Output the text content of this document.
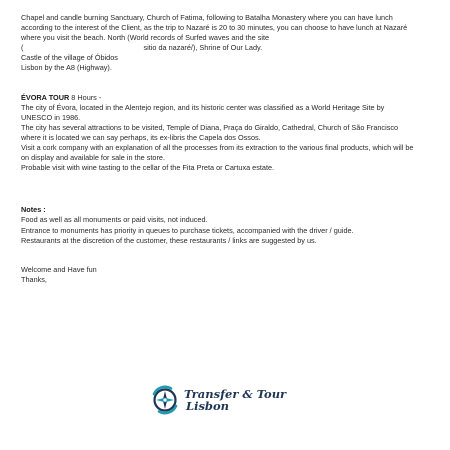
Chapel and candle burning Sanctuary, Church of Fatima, following to Batalha Monastery where you can have lunch
according to the interest of the Client, as the trip to Nazaré is 20 to 30 minutes, you can choose to have lunch at Nazaré
where you visit the beach. North (World records of Surfed waves and the site
(	sitio da nazaré/), Shrine of Our Lady.
Castle of the village of Óbidos
Lisbon by the A8 (Highway).
ÉVORA TOUR 8 Hours -
The city of Évora, located in the Alentejo region, and its historic center was classified as a World Heritage Site by
UNESCO in 1986.
The city has several attractions to be visited, Temple of Diana, Praça do Giraldo, Cathedral, Church of São Francisco
where it is located we can say perhaps, its ex-libris the Capela dos Ossos.
Visit a cork company with an explanation of all the processes from its extraction to the various final products, which will be
on display and available for sale in the store.
Probable visit with wine tasting to the cellar of the Fita Preta or Cartuxa estate.
Notes :
Food as well as all monuments or paid visits, not induced.
Entrance to monuments has priority in queues to purchase tickets, accompanied with the driver / guide.
Restaurants at the discretion of the customer, these restaurants / links are suggested by us.
Welcome and Have fun
Thanks,
Transfer & Tour
Lisbon
